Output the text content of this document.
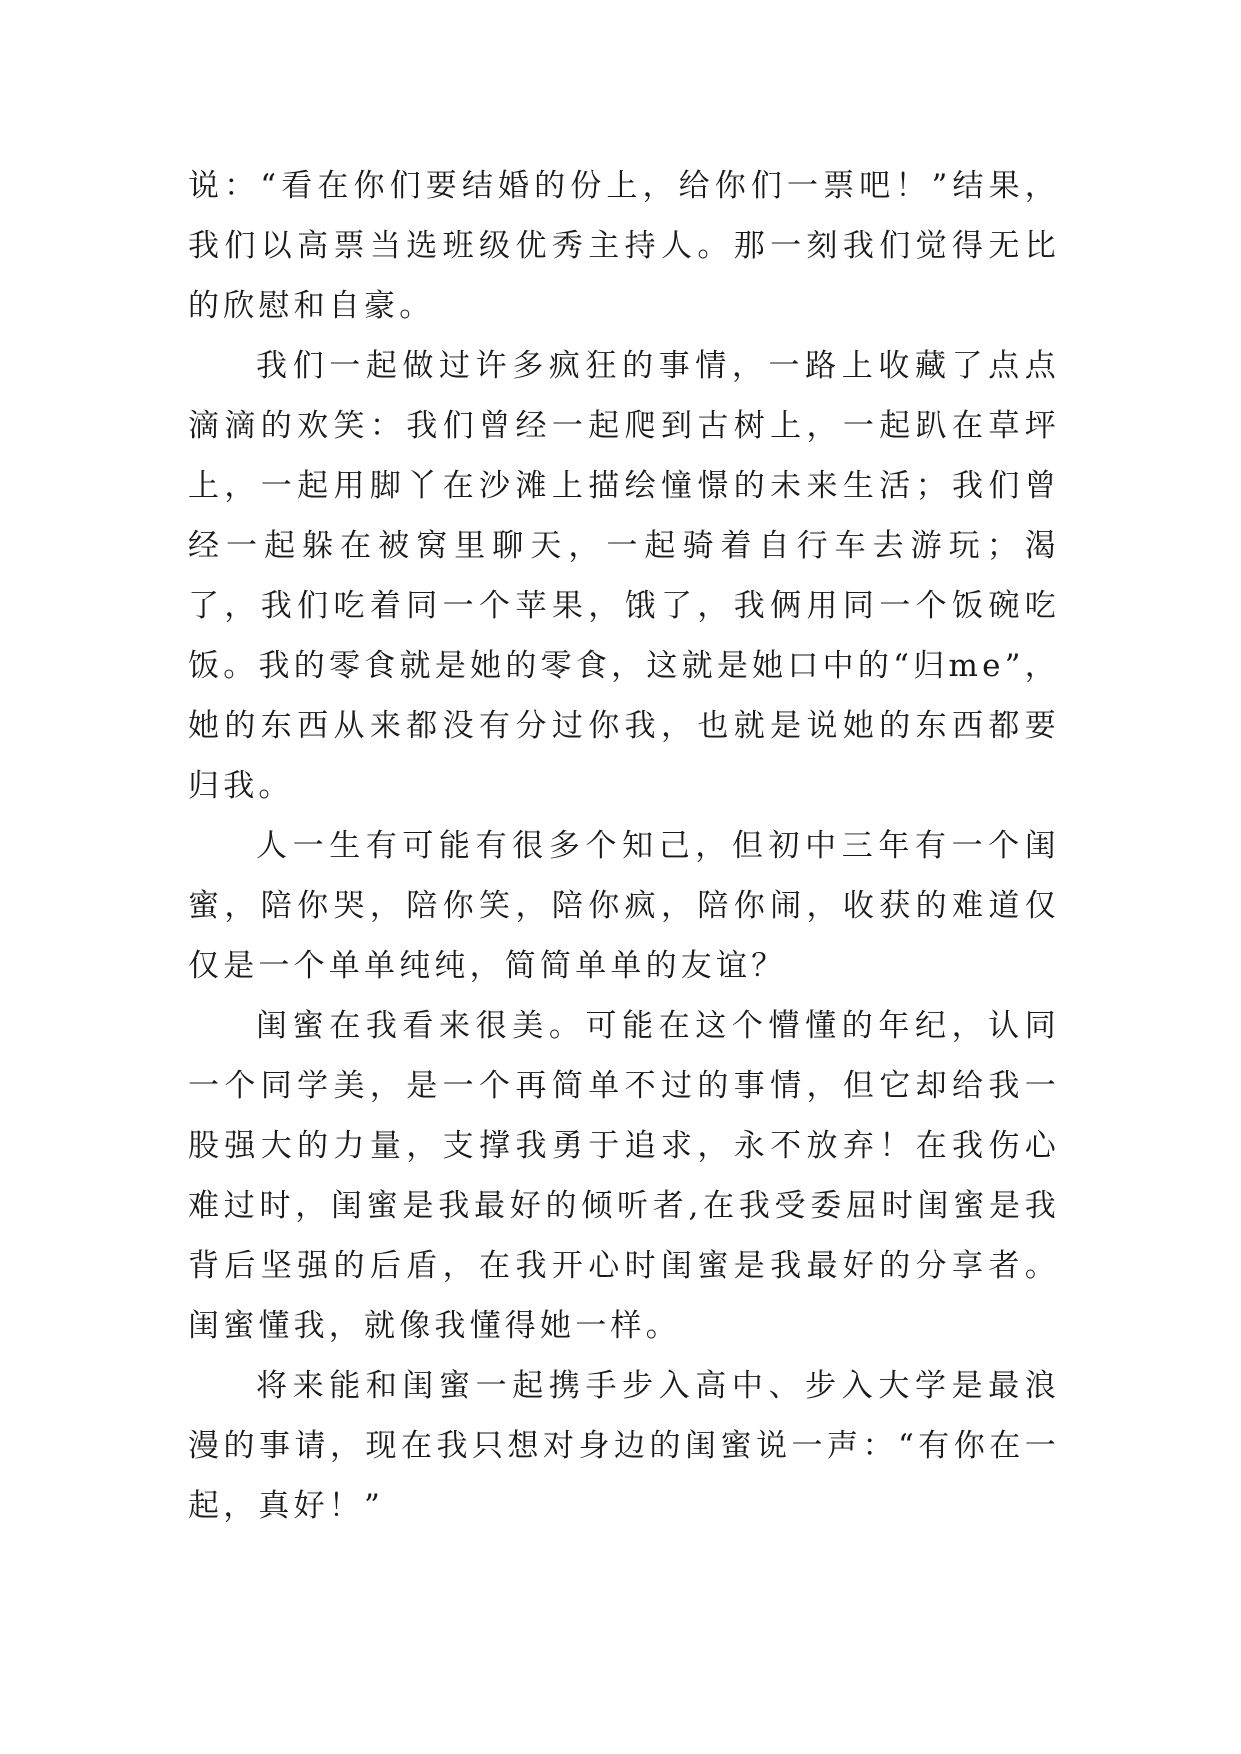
说：“看在你们要结婚的份上，给你们一票吧！”结果，我们以高票当选班级优秀主持人。那一刻我们觉得无比的欣慰和自豪。

我们一起做过许多疯狂的事情，一路上收藏了点点滴滴的欢笑：我们曾经一起爬到古树上，一起趴在草坪上，一起用脚丫在沙滩上描绘憧憬的未来生活；我们曾经一起躲在被窝里聊天，一起骑着自行车去游玩；渴了，我们吃着同一个苹果，饿了，我俩用同一个饭碗吃饭。我的零食就是她的零食，这就是她口中的“归me”，她的东西从来都没有分过你我，也就是说她的东西都要归我。

人一生有可能有很多个知己，但初中三年有一个闺蜜，陪你哭，陪你笑，陪你疯，陪你闹，收获的难道仅仅是一个单单纯纯，简简单单的友谊？

闺蜜在我看来很美。可能在这个懵懂的年纪，认同一个同学美，是一个再简单不过的事情，但它却给我一股强大的力量，支撑我勇于追求，永不放弃！在我伤心难过时，闺蜜是我最好的倾听者,在我受委屈时闺蜜是我背后坚强的后盾，在我开心时闺蜜是我最好的分享者。闺蜜懂我，就像我懂得她一样。

将来能和闺蜜一起携手步入高中、步入大学是最浪漫的事请，现在我只想对身边的闺蜜说一声：“有你在一起，真好！”
